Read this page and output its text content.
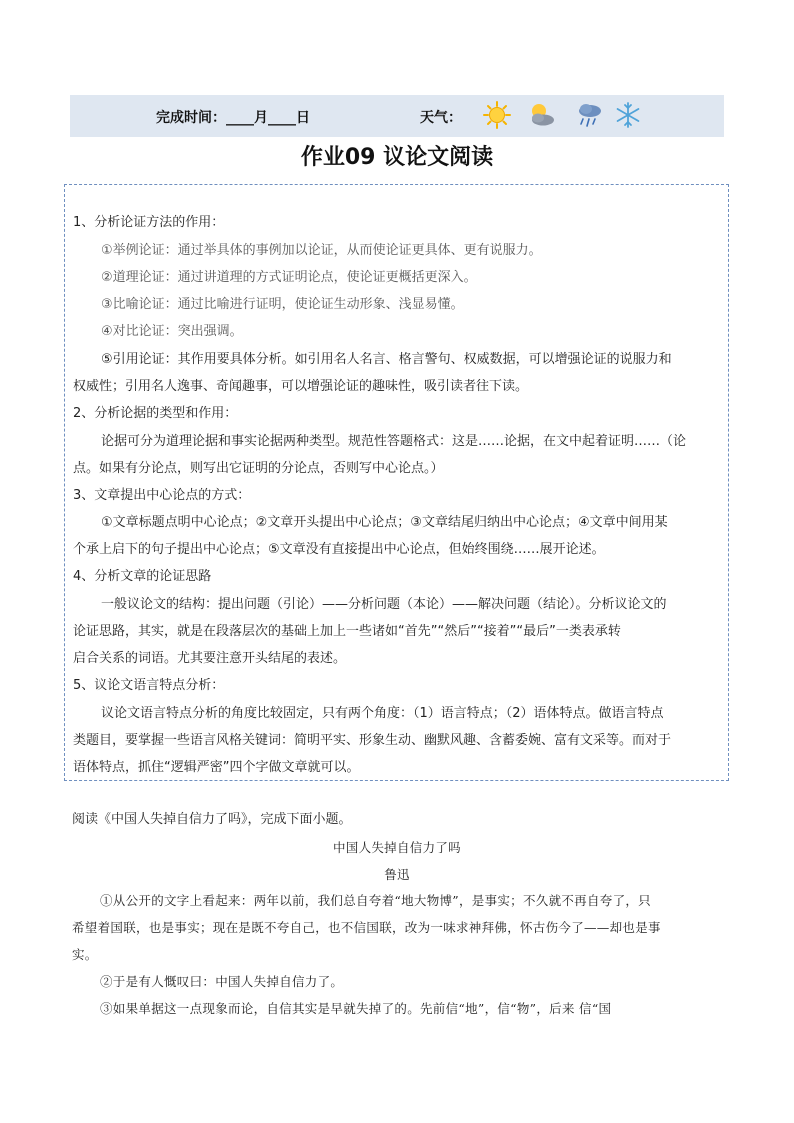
完成时间：____月____日	天气：
作业09 议论文阅读
1、分析论证方法的作用：
①举例论证：通过举具体的事例加以论证，从而使论证更具体、更有说服力。
②道理论证：通过讲道理的方式证明论点，使论证更概括更深入。
③比喻论证：通过比喻进行证明，使论证生动形象、浅显易懂。
④对比论证：突出强调。
⑤引用论证：其作用要具体分析。如引用名人名言、格言警句、权威数据，可以增强论证的说服力和
权威性；引用名人逸事、奇闻趣事，可以增强论证的趣味性，吸引读者往下读。
2、分析论据的类型和作用：
论据可分为道理论据和事实论据两种类型。规范性答题格式：这是……论据，在文中起着证明……（论
点。如果有分论点，则写出它证明的分论点，否则写中心论点。）
3、文章提出中心论点的方式：
①文章标题点明中心论点；②文章开头提出中心论点；③文章结尾归纳出中心论点；④文章中间用某
个承上启下的句子提出中心论点；⑤文章没有直接提出中心论点，但始终围绕……展开论述。
4、分析文章的论证思路
一般议论文的结构：提出问题（引论）——分析问题（本论）——解决问题（结论）。分析议论文的
论证思路，其实，就是在段落层次的基础上加上一些诸如“首先”“然后”“接着”“最后”一类表承转
启合关系的词语。尤其要注意开头结尾的表述。
5、议论文语言特点分析：
议论文语言特点分析的角度比较固定，只有两个角度：（1）语言特点；（2）语体特点。做语言特点
类题目，要掌握一些语言风格关键词：简明平实、形象生动、幽默风趣、含蓄委婉、富有文采等。而对于
语体特点，抓住“逻辑严密”四个字做文章就可以。
阅读《中国人失掉自信力了吗》，完成下面小题。
中国人失掉自信力了吗
鲁迅
①从公开的文字上看起来：两年以前，我们总自夸着“地大物博”，是事实；不久就不再自夸了，只
希望着国联，也是事实；现在是既不夸自己，也不信国联，改为一味求神拜佛，怀古伤今了——却也是事
实。
②于是有人慨叹曰：中国人失掉自信力了。
③如果单据这一点现象而论，自信其实是早就失掉了的。先前信“地”，信“物”，后来 信“国
